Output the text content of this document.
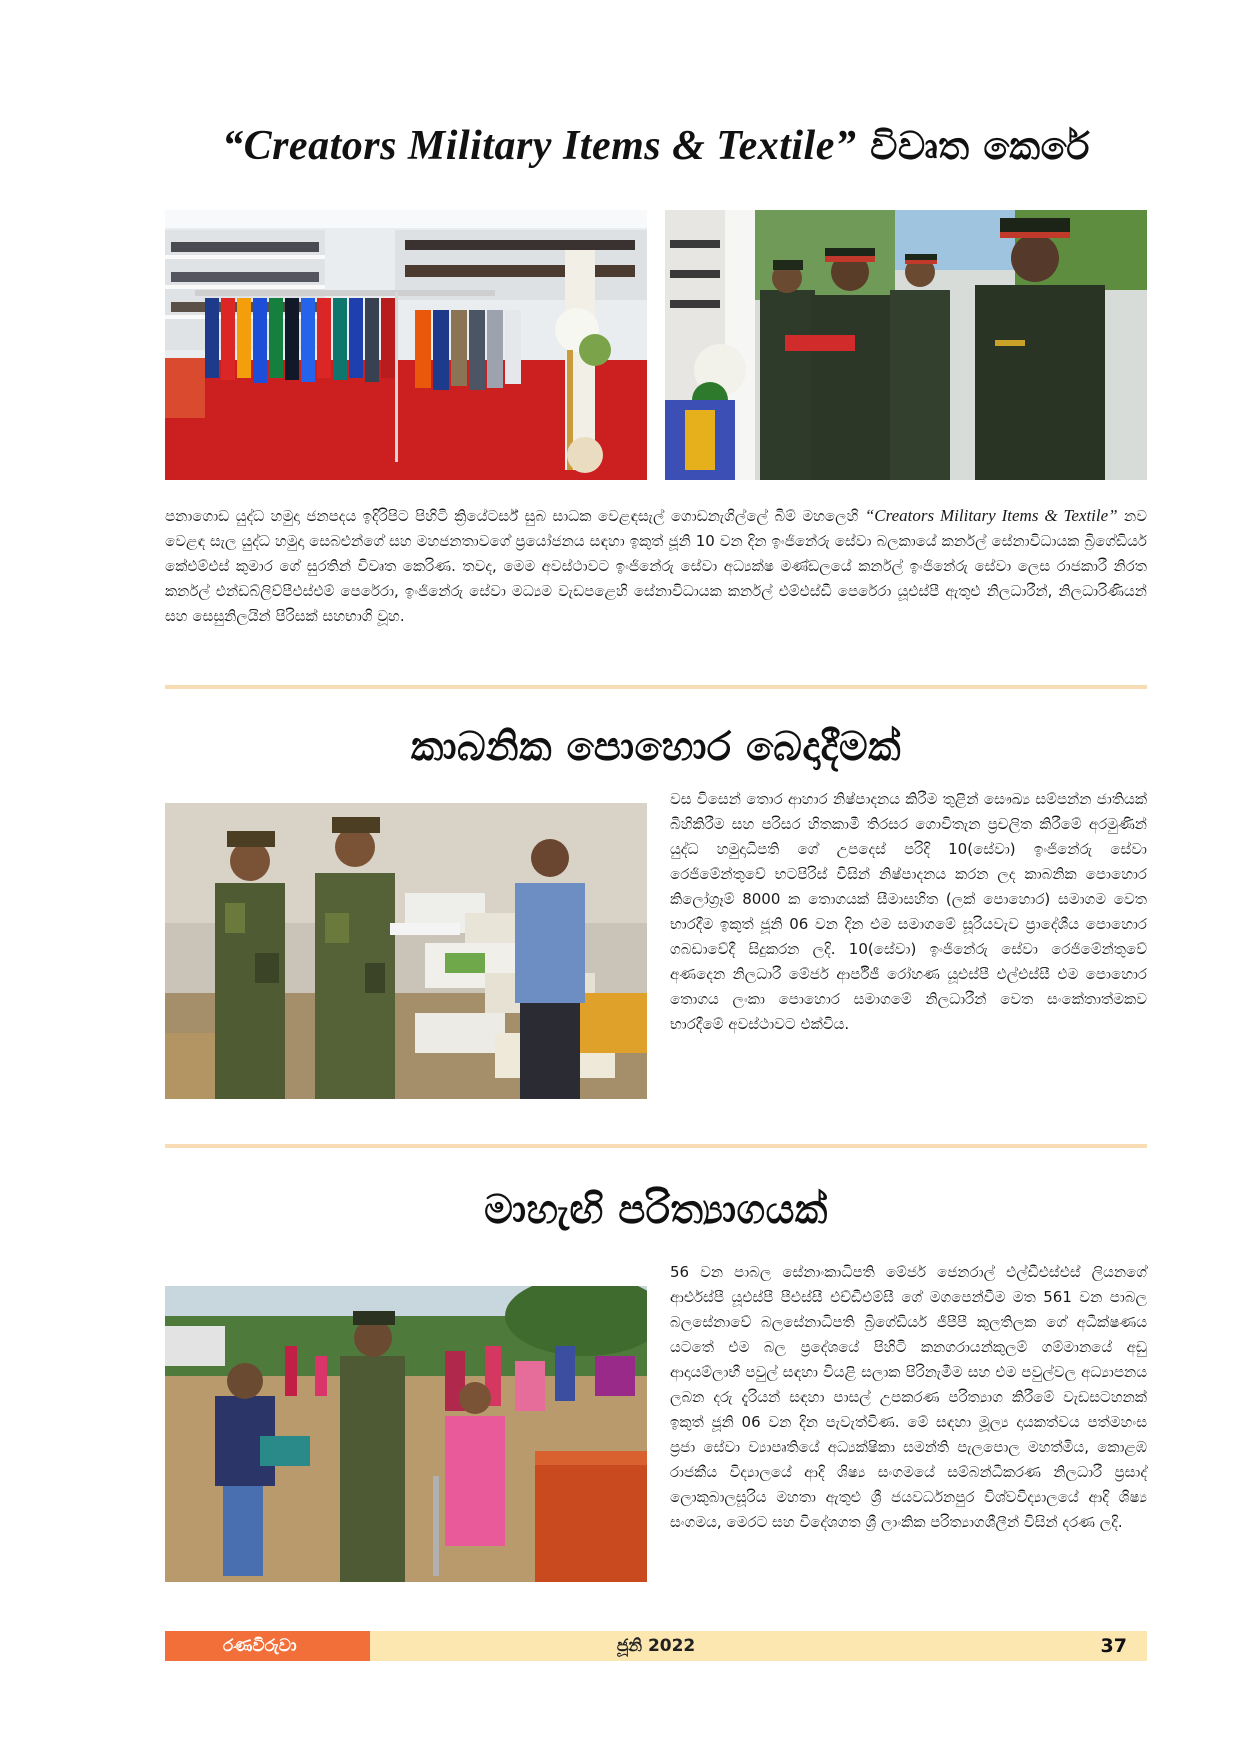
“Creators Military Items & Textile” විවෘත කෙරේ
පනාගොඩ යුද්ධ හමුදා ජනපදය ඉදිරිපිට පිහිටි ක්‍රියේටර්ස් සුබ සාධක වෙළඳසැල් ගොඩනැගිල්ලේ බිම් මහලෙහි “Creators Military Items & Textile” නව වෙළඳ සැල යුද්ධ හමුදා සෙබළුන්ගේ සහ මහජනතාවගේ ප්‍රයෝජනය සඳහා ඉකුත් ජූනි 10 වන දින ඉංජිනේරු සේවා බලකායේ කර්නල් සේනාවිධායක බ්‍රිගේඩියර් කේඑම්එස් කුමාර ගේ සුරතින් විවෘත කෙරිණ. තවද, මෙම අවස්ථාවට ඉංජිනේරු සේවා අධ්‍යක්ෂ මණ්ඩලයේ කර්නල් ඉංජිනේරු සේවා ලෙස රාජකාරී නිරත කර්නල් එන්ඩබ්ලිව්පීඑස්එම් පෙරේරා, ඉංජිනේරු සේවා මධ්‍යම වැඩපළෙහි සේනාවිධායක කර්නල් එම්එස්ඩී පෙරේරා යූඑස්පී ඇතුළු නිලධාරීන්, නිලධාරිණියන් සහ සෙසුනිලයින් පිරිසක් සහභාගි වූහ.
කාබනික පොහොර බෙදාදීමක්
වස විසෙන් තොර ආහාර නිෂ්පාදනය කිරීම තුළින් සෞඛ්‍ය සම්පන්න ජාතියක් බිහිකිරීම සහ පරිසර හිතකාමී තිරසර ගොවිතැන ප්‍රචලිත කිරීමේ අරමුණින් යුද්ධ හමුදාධිපති ගේ උපදෙස් පරිදි 10(සේවා) ඉංජිනේරු සේවා රෙජිමේන්තුවේ භටපිරිස් විසින් නිෂ්පාදනය කරන ලද කාබනික පොහොර කිලෝග්‍රෑම් 8000 ක තොගයක් සීමාසහිත (ලක් පොහොර) සමාගම වෙත භාරදීම ඉකුත් ජූනි 06 වන දින එම සමාගමේ සූරියවැව ප්‍රාදේශීය පොහොර ගබඩාවේදී සිදුකරන ලදි. 10(සේවා) ඉංජිනේරු සේවා රෙජිමේන්තුවේ අණදෙන නිලධාරී මේජර් ආර්පීජී රෝහණ යූඑස්පී එල්එස්සී එම පොහොර තොගය ලංකා පොහොර සමාගමේ නිලධාරීන් වෙත සංකේතාත්මකව භාරදීමේ අවස්ථාවට එක්විය.
මාහැඟි පරිත්‍යාගයක්
56 වන පාබල සේනාංකාධිපති මේජර් ජෙනරාල් එල්ඩීඑස්එස් ලියනගේ ආර්එස්පී යූඑස්පී පීඑස්සී එච්ඩීඑම්සී ගේ මගපෙන්වීම මත 561 වන පාබල බලසේනාවේ බලසේනාධිපති බ්‍රිගේඩියර් ජීපීපී කුලතිලක ගේ අධීක්ෂණය යටතේ එම බල ප්‍රදේශයේ පිහිටි කනගරායන්කුලම් ගම්මානයේ අඩු ආදායම්ලාභී පවුල් සඳහා වියළි සලාක පිරිනැමීම සහ එම පවුල්වල අධ්‍යාපනය ලබන දරු දැරියන් සඳහා පාසල් උපකරණ පරිත්‍යාග කිරීමේ වැඩසටහනක් ඉකුත් ජූනි 06 වන දින පැවැත්විණ. මේ සඳහා මූල්‍ය දායකත්වය පත්මහංස ප්‍රජා සේවා ව්‍යාපෘතියේ අධ්‍යක්ෂිකා සමන්ති පැලපොල මහත්මිය, කොළඹ රාජකීය විද්‍යාලයේ ආදි ශිෂ්‍ය සංගමයේ සම්බන්ධීකරණ නිලධාරී ප්‍රසාද් ලොකුබාලසූරිය මහතා ඇතුළු ශ්‍රී ජයවර්ධනපුර විශ්වවිද්‍යාලයේ ආදි ශිෂ්‍ය සංගමය, මෙරට සහ විදේශගත ශ්‍රී ලාංකික පරිත්‍යාගශීලීන් විසින් දරණ ලදි.
රණවිරුවා	ජූනි 2022	37
